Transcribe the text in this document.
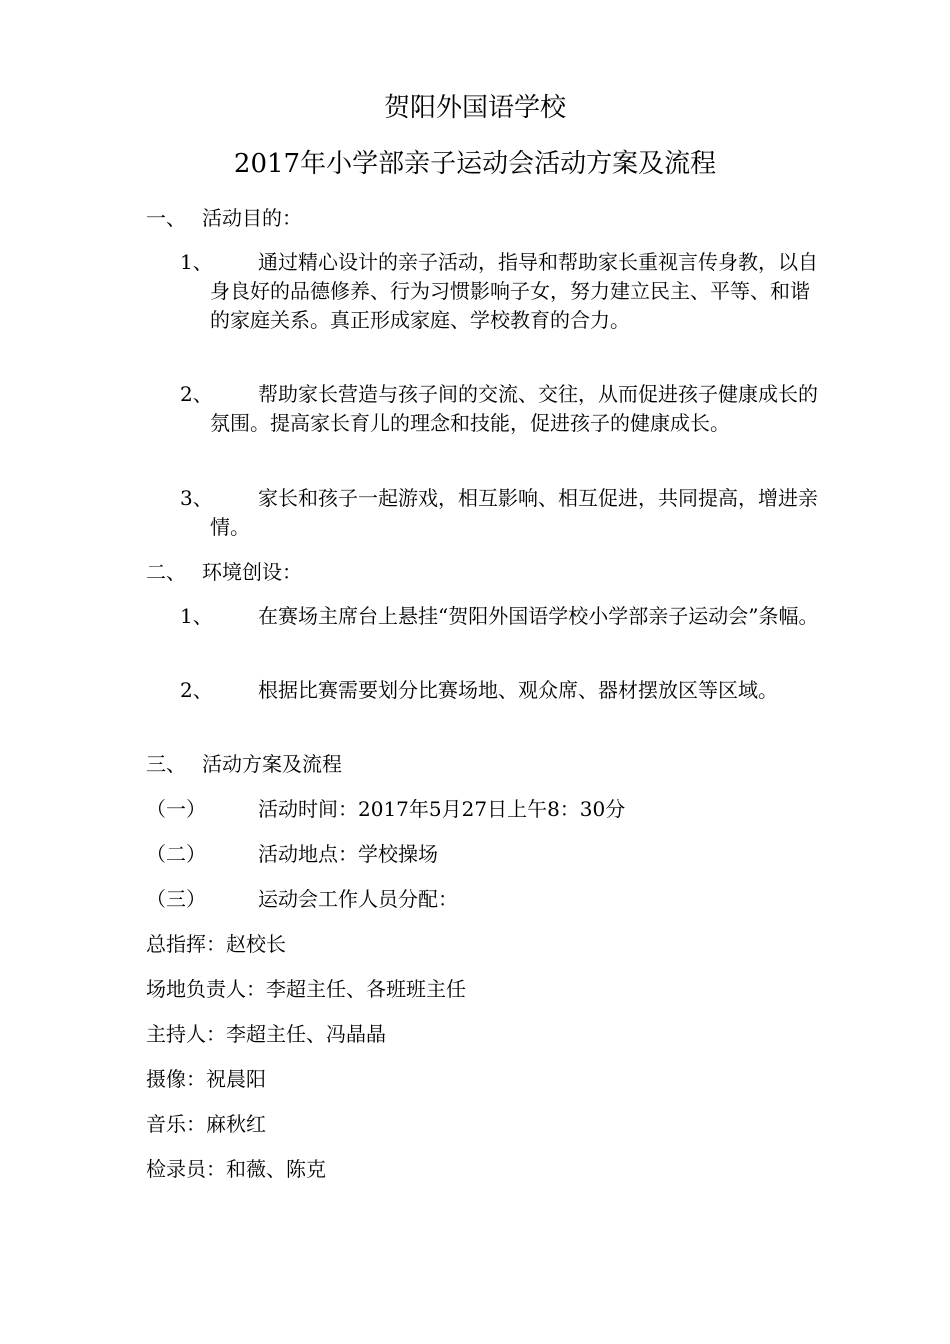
贺阳外国语学校
2017年小学部亲子运动会活动方案及流程
一、 活动目的：
1、	通过精心设计的亲子活动，指导和帮助家长重视言传身教，以自身良好的品德修养、行为习惯影响子女，努力建立民主、平等、和谐的家庭关系。真正形成家庭、学校教育的合力。
2、	帮助家长营造与孩子间的交流、交往，从而促进孩子健康成长的氛围。提高家长育儿的理念和技能，促进孩子的健康成长。
3、	家长和孩子一起游戏，相互影响、相互促进，共同提高，增进亲情。
二、 环境创设：
1、	在赛场主席台上悬挂“贺阳外国语学校小学部亲子运动会”条幅。
2、	根据比赛需要划分比赛场地、观众席、器材摆放区等区域。
三、 活动方案及流程
（一）	活动时间：2017年5月27日上午8：30分
（二）	活动地点：学校操场
（三）	运动会工作人员分配：
总指挥：赵校长
场地负责人：李超主任、各班班主任
主持人：李超主任、冯晶晶
摄像：祝晨阳
音乐：麻秋红
检录员：和薇、陈克
